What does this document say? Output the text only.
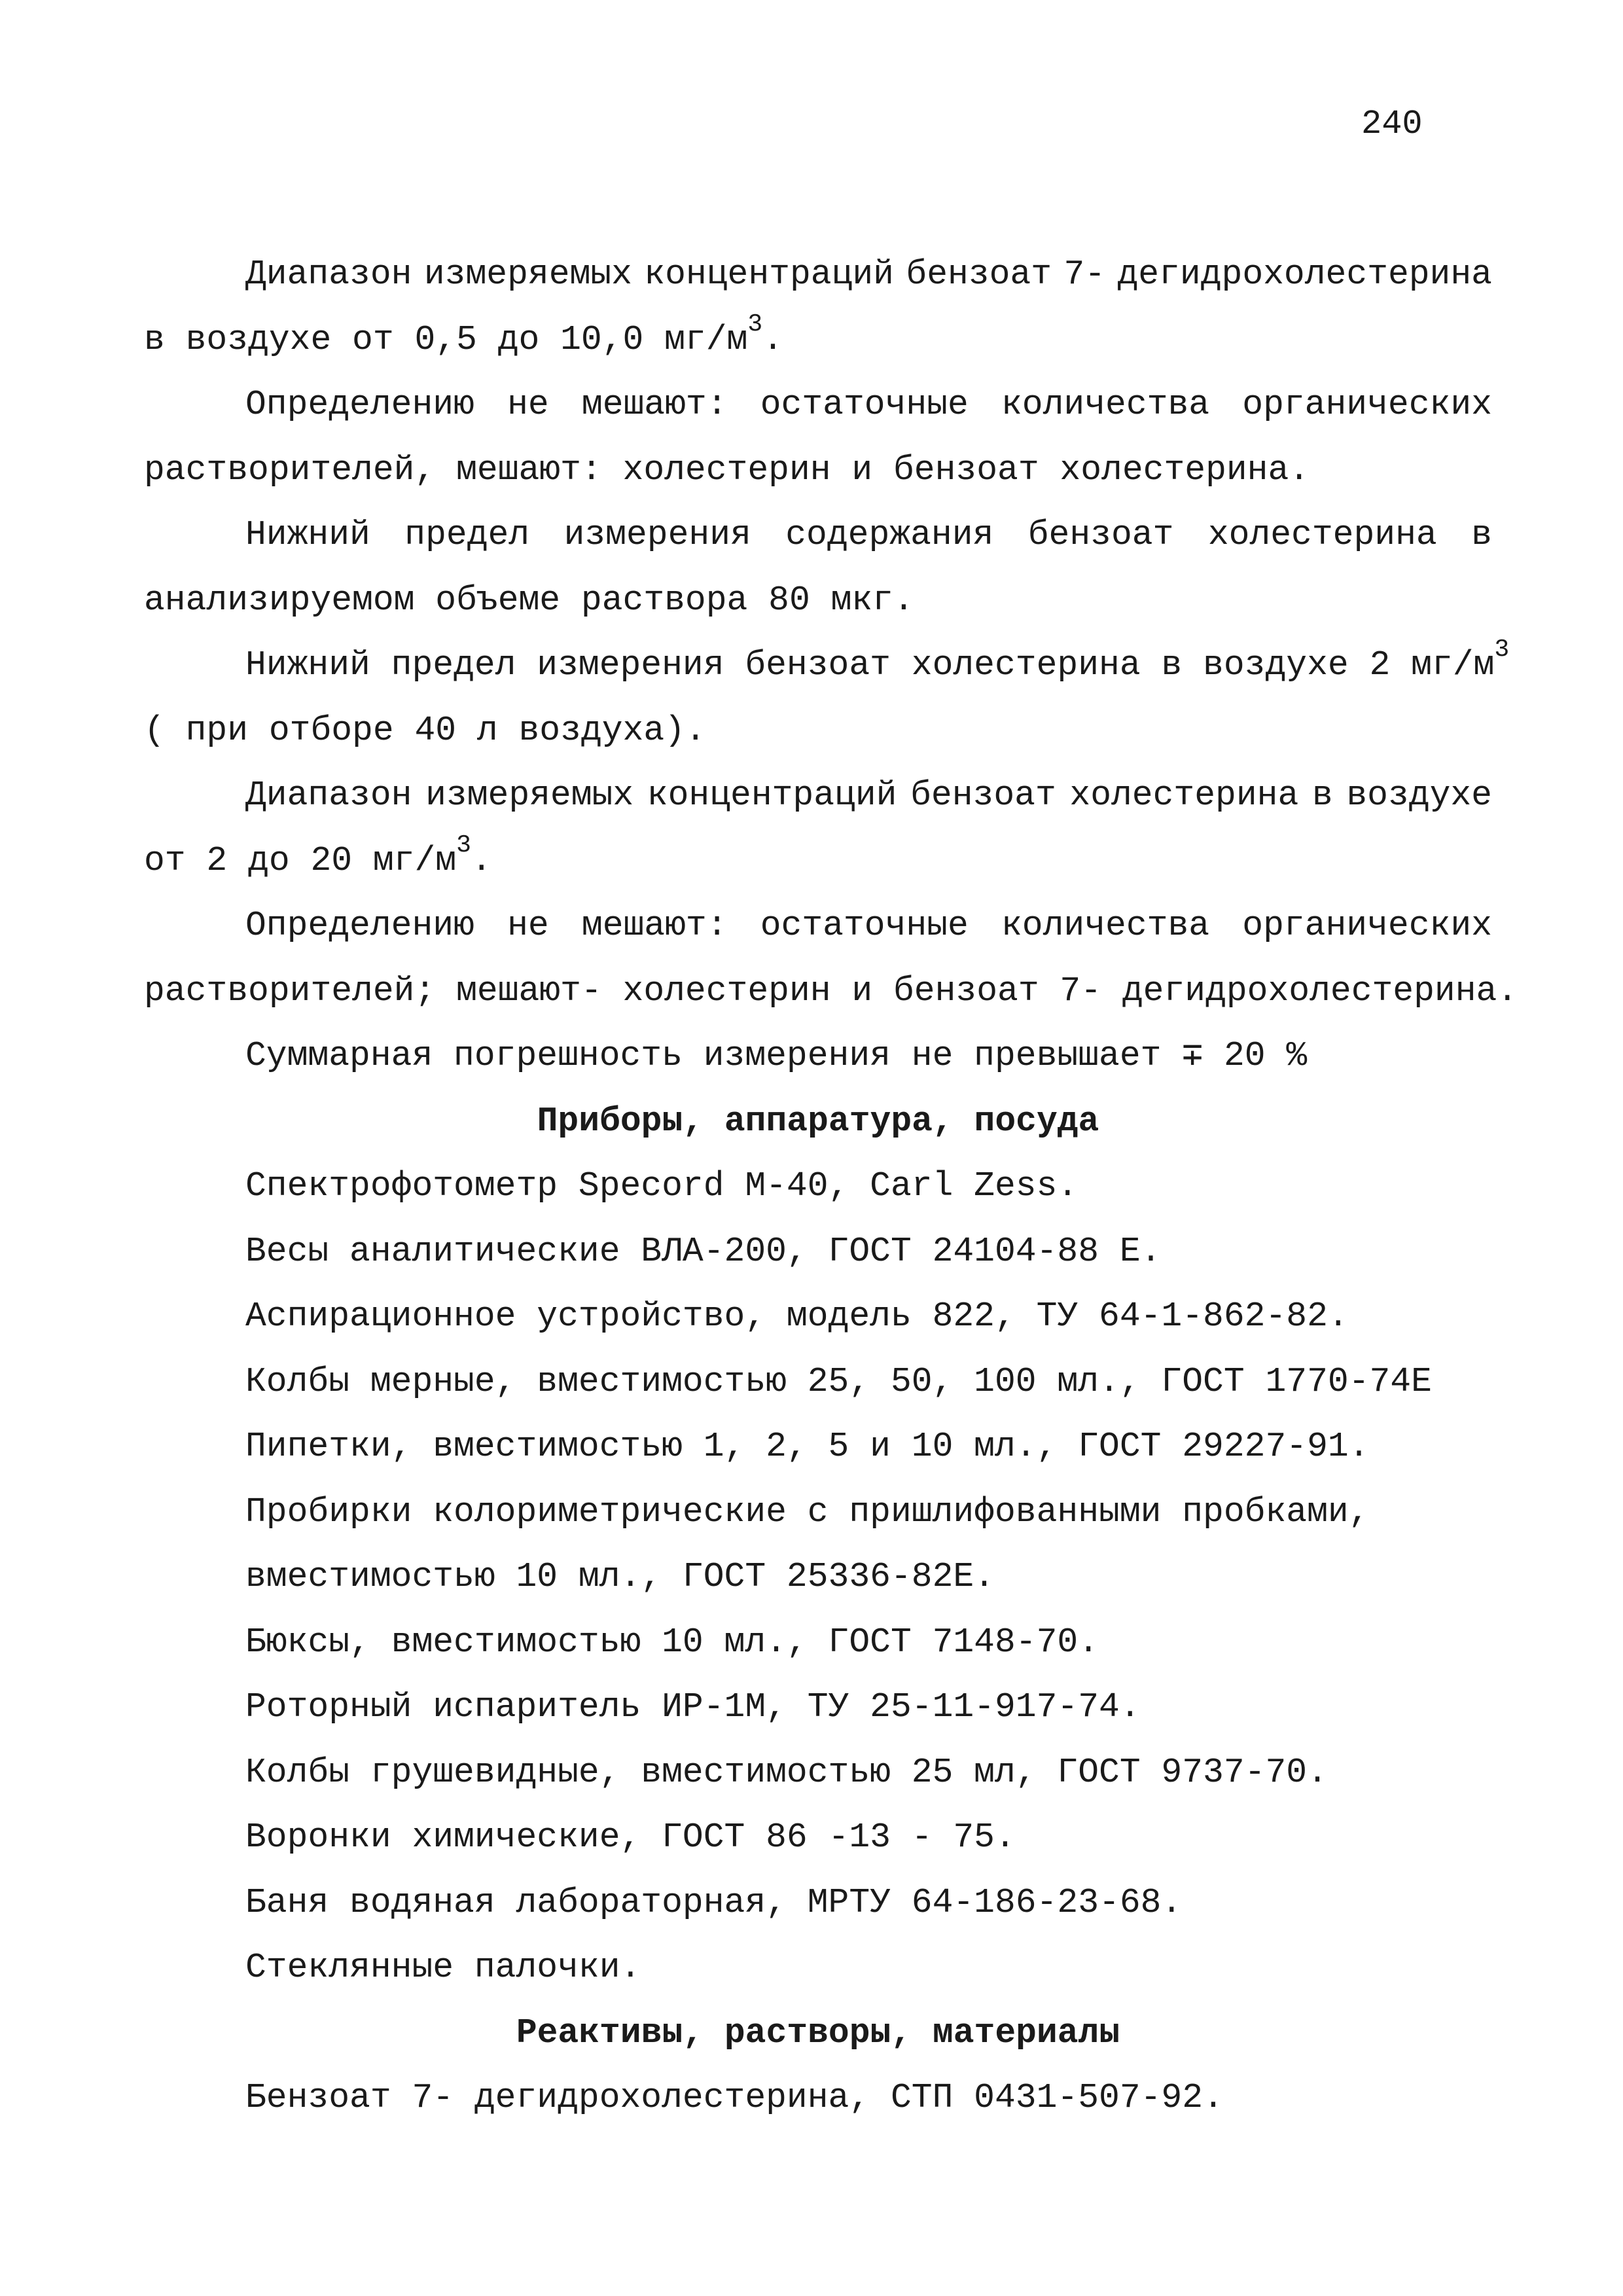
240
Диапазон измеряемых концентраций бензоат 7- дегидрохолестерина
в воздухе от 0,5 до 10,0 $мг/м^3$.
Определению не мешают: остаточные количества органических
растворителей, мешают: холестерин и бензоат холестерина.
Нижний предел измерения содержания бензоат холестерина в
анализируемом объеме раствора 80 мкг.
Нижний предел измерения бензоат холестерина в воздухе 2 $мг/м^3$
( при отборе 40 л воздуха).
Диапазон измеряемых концентраций бензоат холестерина в воздухе
от 2 до 20 $мг/м^3$.
Определению не мешают: остаточные количества органических
растворителей; мешают- холестерин и бензоат 7- дегидрохолестерина.
Суммарная погрешность измерения не превышает ∓ 20 %
Приборы, аппаратура, посуда
Спектрофотометр Specord M-40, Carl Zess.
Весы аналитические ВЛА-200, ГОСТ 24104-88 Е.
Аспирационное устройство, модель 822, ТУ 64-1-862-82.
Колбы мерные, вместимостью 25, 50, 100 мл., ГОСТ 1770-74Е
Пипетки, вместимостью 1, 2, 5 и 10 мл., ГОСТ 29227-91.
Пробирки колориметрические с пришлифованными пробками,
вместимостью 10 мл., ГОСТ 25336-82Е.
Бюксы, вместимостью 10 мл., ГОСТ 7148-70.
Роторный испаритель ИР-1М, ТУ 25-11-917-74.
Колбы грушевидные, вместимостью 25 мл, ГОСТ 9737-70.
Воронки химические, ГОСТ 86 -13 - 75.
Баня водяная лабораторная, МРТУ 64-186-23-68.
Стеклянные палочки.
Реактивы, растворы, материалы
Бензоат 7- дегидрохолестерина, СТП 0431-507-92.
